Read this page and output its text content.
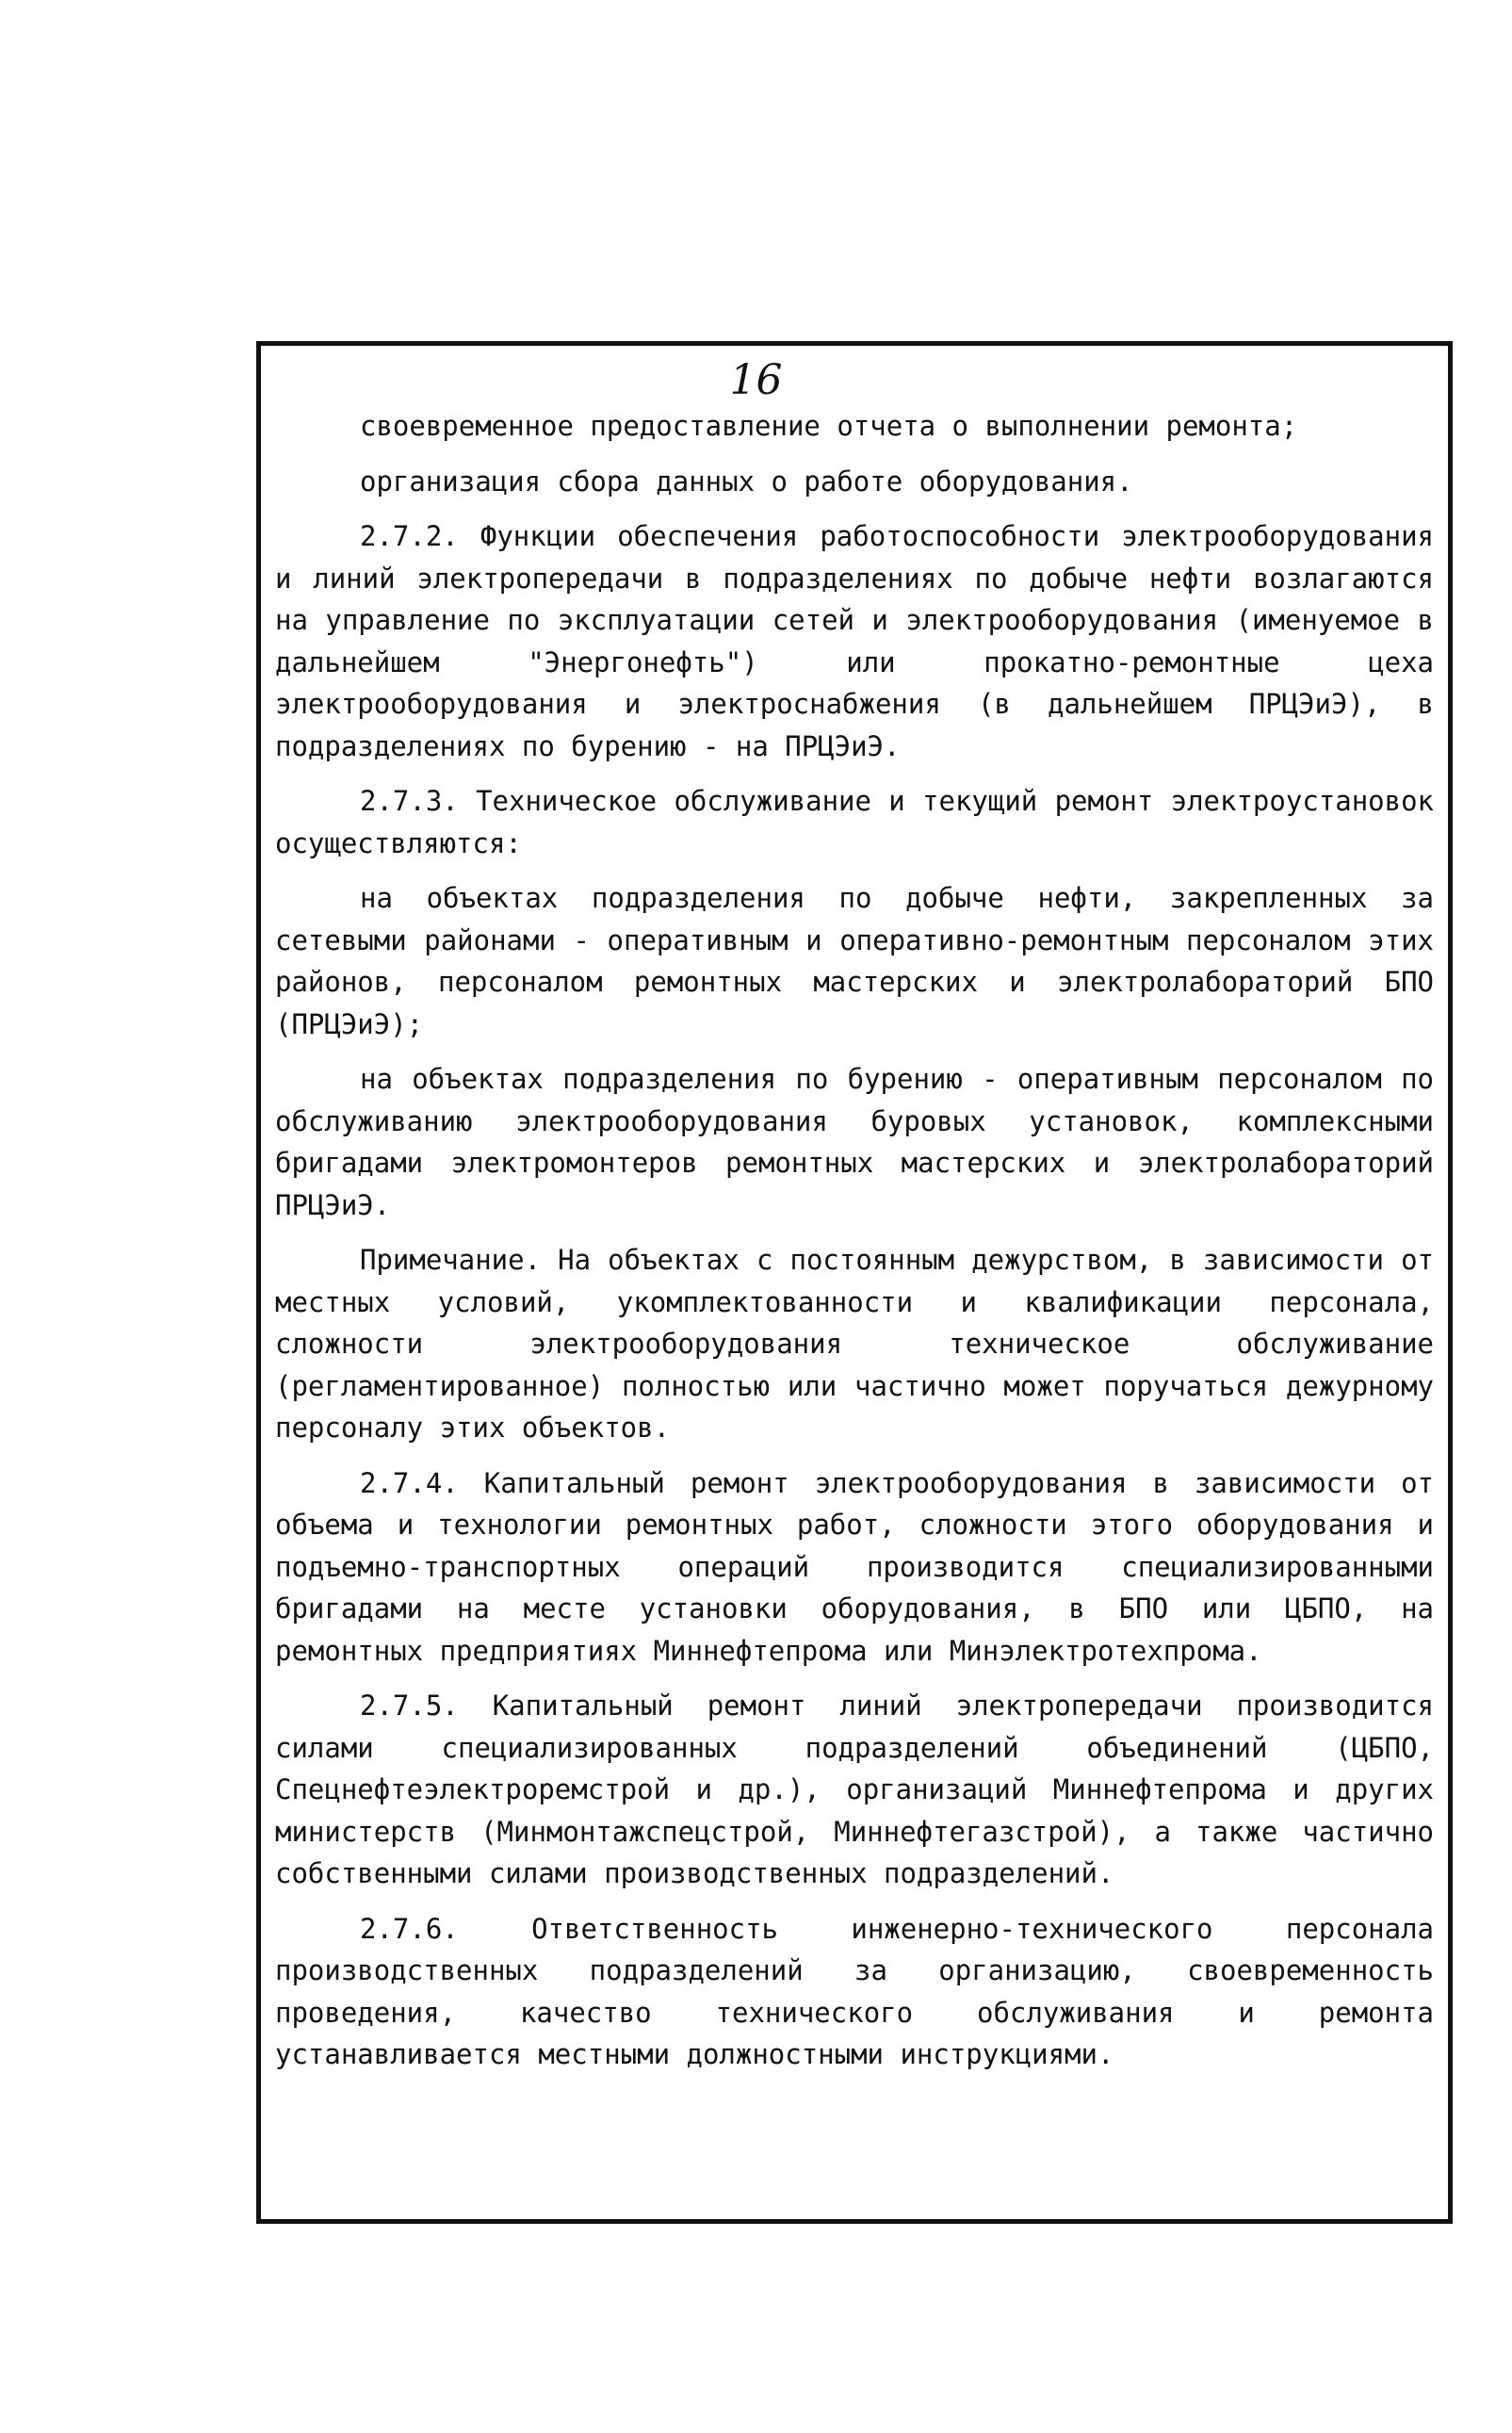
16

своевременное предоставление отчета о выполнении ремонта;

организация сбора данных о работе оборудования.

2.7.2. Функции обеспечения работоспособности электрооборудования и линий электропередачи в подразделениях по добыче нефти возлагаются на управление по эксплуатации сетей и электрооборудования (именуемое в дальнейшем "Энергонефть") или прокатно-ремонтные цеха электрооборудования и электроснабжения (в дальнейшем ПРЦЭиЭ), в подразделениях по бурению - на ПРЦЭиЭ.

2.7.3. Техническое обслуживание и текущий ремонт электроустановок осуществляются:

на объектах подразделения по добыче нефти, закрепленных за сетевыми районами - оперативным и оперативно-ремонтным персоналом этих районов, персоналом ремонтных мастерских и электролабораторий БПО (ПРЦЭиЭ);

на объектах подразделения по бурению - оперативным персоналом по обслуживанию электрооборудования буровых установок, комплексными бригадами электромонтеров ремонтных мастерских и электролабораторий ПРЦЭиЭ.

Примечание. На объектах с постоянным дежурством, в зависимости от местных условий, укомплектованности и квалификации персонала, сложности электрооборудования техническое обслуживание (регламентированное) полностью или частично может поручаться дежурному персоналу этих объектов.

2.7.4. Капитальный ремонт электрооборудования в зависимости от объема и технологии ремонтных работ, сложности этого оборудования и подъемно-транспортных операций производится специализированными бригадами на месте установки оборудования, в БПО или ЦБПО, на ремонтных предприятиях Миннефтепрома или Минэлектротехпрома.

2.7.5. Капитальный ремонт линий электропередачи производится силами специализированных подразделений объединений (ЦБПО, Спецнефтеэлектроремстрой и др.), организаций Миннефтепрома и других министерств (Минмонтажспецстрой, Миннефтегазстрой), а также частично собственными силами производственных подразделений.

2.7.6. Ответственность инженерно-технического персонала производственных подразделений за организацию, своевременность проведения, качество технического обслуживания и ремонта устанавливается местными должностными инструкциями.
